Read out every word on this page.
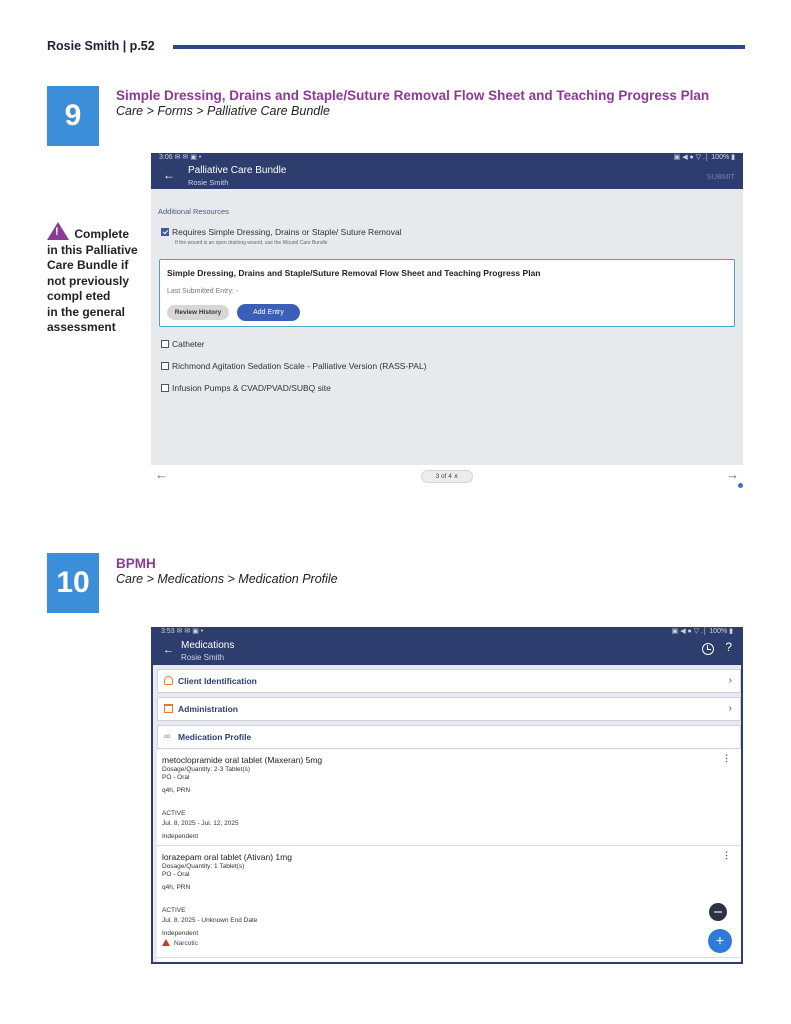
Rosie Smith | p.52
9
Simple Dressing, Drains and Staple/Suture Removal Flow Sheet and Teaching Progress Plan
Care > Forms > Palliative Care Bundle
! Complete
in this Palliative
Care Bundle if
not previously
compl eted
in the general
assessment
3:06 ✉ ✉ ▣ •	▣ ◀ ● ▽ .│ 100% ▮
← Palliative Care Bundle
Rosie Smith
SUBMIT
Additional Resources
Requires Simple Dressing, Drains or Staple/ Suture Removal
If the wound is an open draining wound, use the Wound Care Bundle
Simple Dressing, Drains and Staple/Suture Removal Flow Sheet and Teaching Progress Plan
Last Submitted Entry: -
Review History	Add Entry
Catheter
Richmond Agitation Sedation Scale - Palliative Version (RASS-PAL)
Infusion Pumps & CVAD/PVAD/SUBQ site
←	3 of 4 ∧	→
10
BPMH
Care > Medications > Medication Profile
3:53 ✉ ✉ ▣ •	▣ ◀ ● ▽ .│ 100% ▮
← Medications
Rosie Smith
?
Client Identification	›
Administration	›
∞ Medication Profile
metoclopramide oral tablet (Maxeran) 5mg	⋮
Dosage/Quantity: 2-3 Tablet(s)
PO - Oral
q4h, PRN
ACTIVE
Jul. 8, 2025 - Jul. 12, 2025
Independent
lorazepam oral tablet (Ativan) 1mg	⋮
Dosage/Quantity: 1 Tablet(s)
PO - Oral
q4h, PRN
ACTIVE
Jul. 8, 2025 - Unknown End Date
Independent
Narcotic	+
